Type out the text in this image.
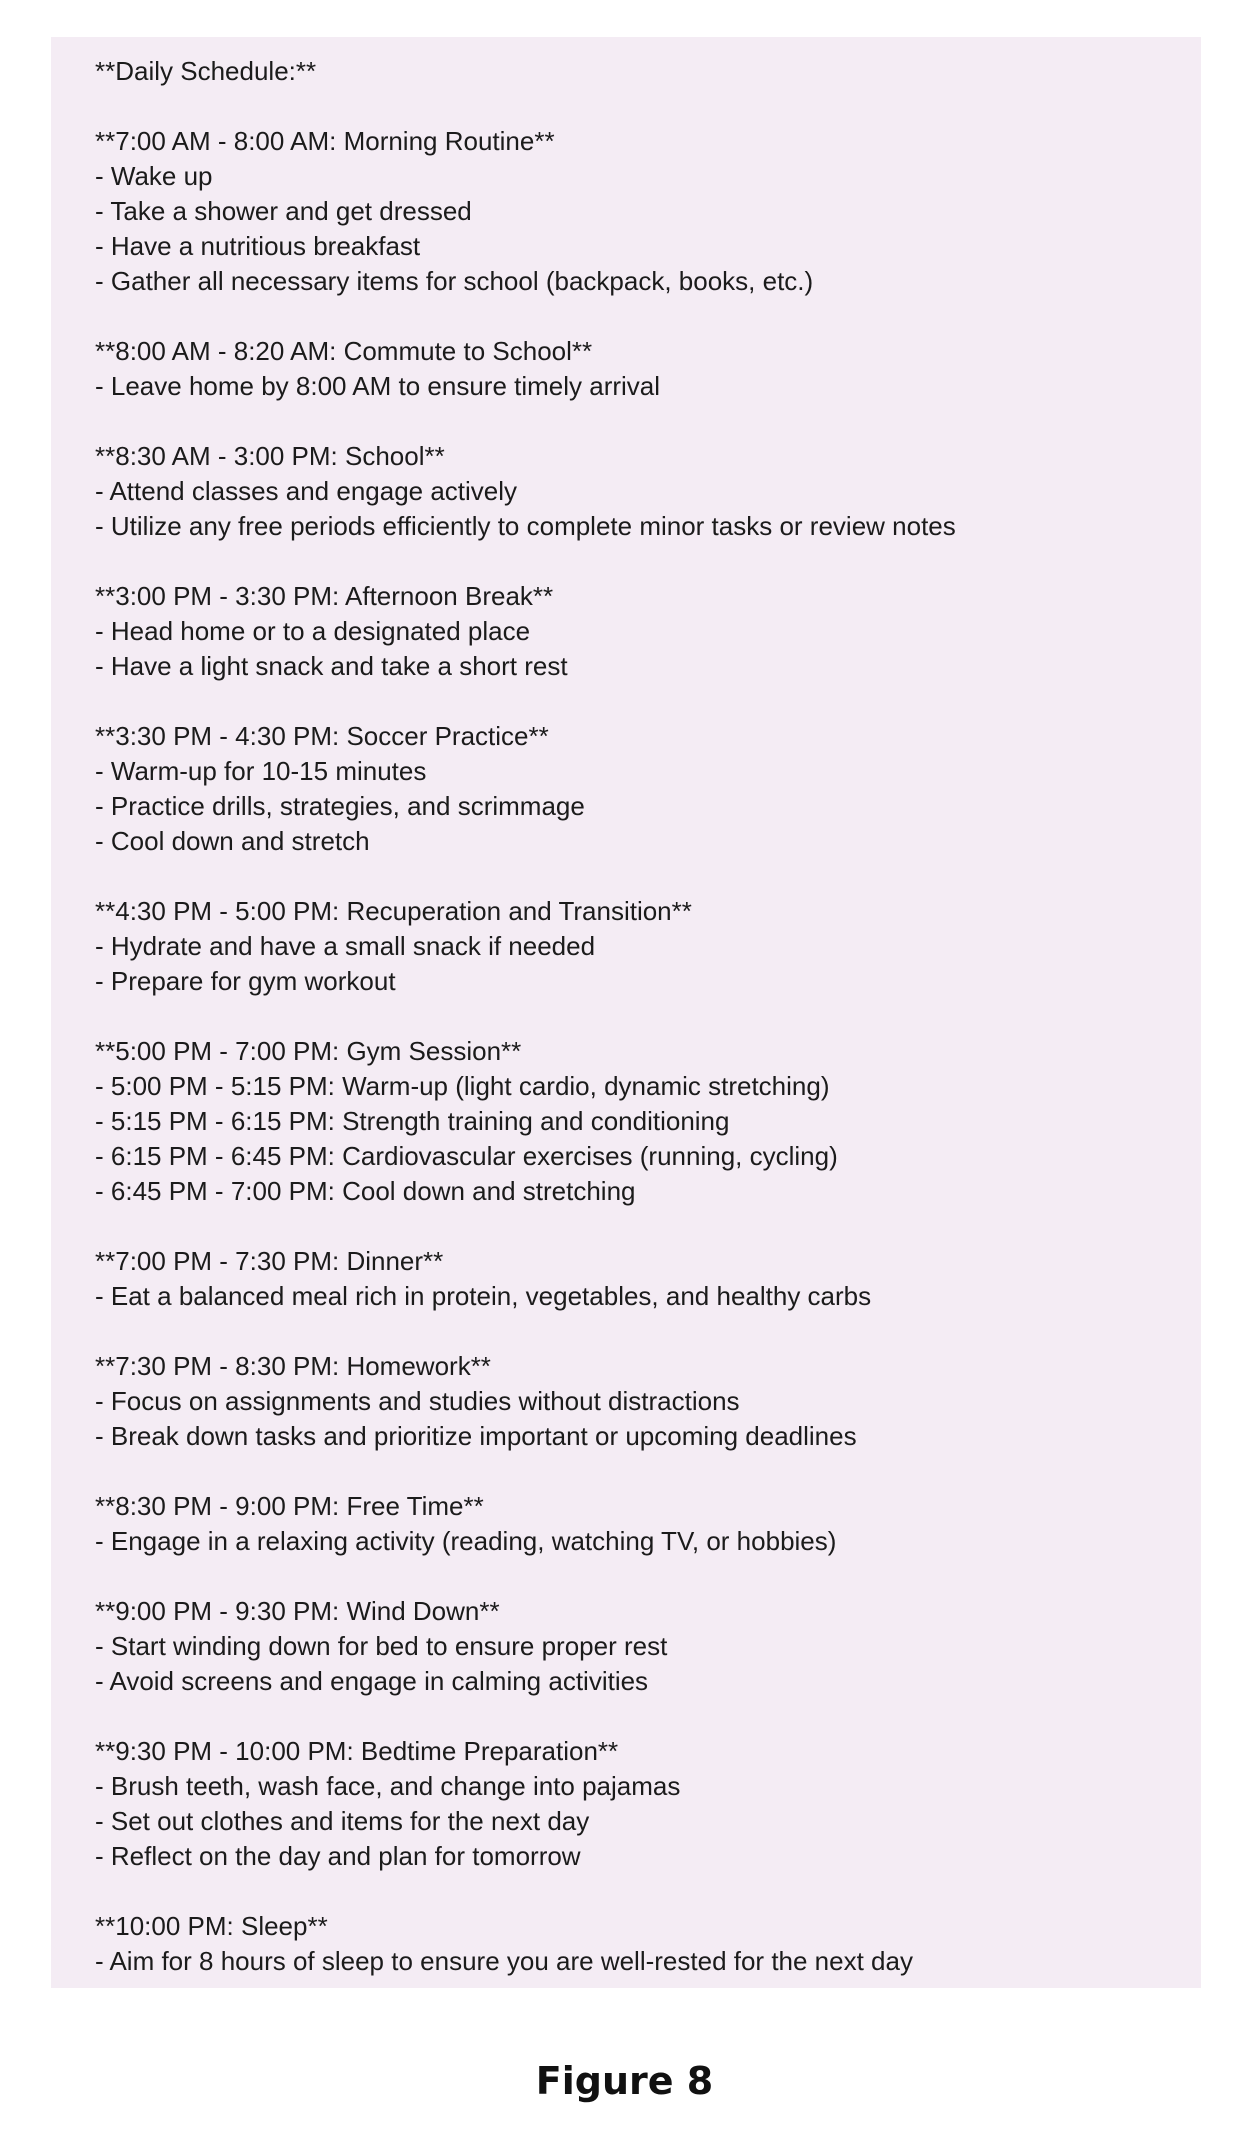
**Daily Schedule:**
**7:00 AM - 8:00 AM: Morning Routine**
- Wake up
- Take a shower and get dressed
- Have a nutritious breakfast
- Gather all necessary items for school (backpack, books, etc.)
**8:00 AM - 8:20 AM: Commute to School**
- Leave home by 8:00 AM to ensure timely arrival
**8:30 AM - 3:00 PM: School**
- Attend classes and engage actively
- Utilize any free periods efficiently to complete minor tasks or review notes
**3:00 PM - 3:30 PM: Afternoon Break**
- Head home or to a designated place
- Have a light snack and take a short rest
**3:30 PM - 4:30 PM: Soccer Practice**
- Warm-up for 10-15 minutes
- Practice drills, strategies, and scrimmage
- Cool down and stretch
**4:30 PM - 5:00 PM: Recuperation and Transition**
- Hydrate and have a small snack if needed
- Prepare for gym workout
**5:00 PM - 7:00 PM: Gym Session**
- 5:00 PM - 5:15 PM: Warm-up (light cardio, dynamic stretching)
- 5:15 PM - 6:15 PM: Strength training and conditioning
- 6:15 PM - 6:45 PM: Cardiovascular exercises (running, cycling)
- 6:45 PM - 7:00 PM: Cool down and stretching
**7:00 PM - 7:30 PM: Dinner**
- Eat a balanced meal rich in protein, vegetables, and healthy carbs
**7:30 PM - 8:30 PM: Homework**
- Focus on assignments and studies without distractions
- Break down tasks and prioritize important or upcoming deadlines
**8:30 PM - 9:00 PM: Free Time**
- Engage in a relaxing activity (reading, watching TV, or hobbies)
**9:00 PM - 9:30 PM: Wind Down**
- Start winding down for bed to ensure proper rest
- Avoid screens and engage in calming activities
**9:30 PM - 10:00 PM: Bedtime Preparation**
- Brush teeth, wash face, and change into pajamas
- Set out clothes and items for the next day
- Reflect on the day and plan for tomorrow
**10:00 PM: Sleep**
- Aim for 8 hours of sleep to ensure you are well-rested for the next day
Figure 8
